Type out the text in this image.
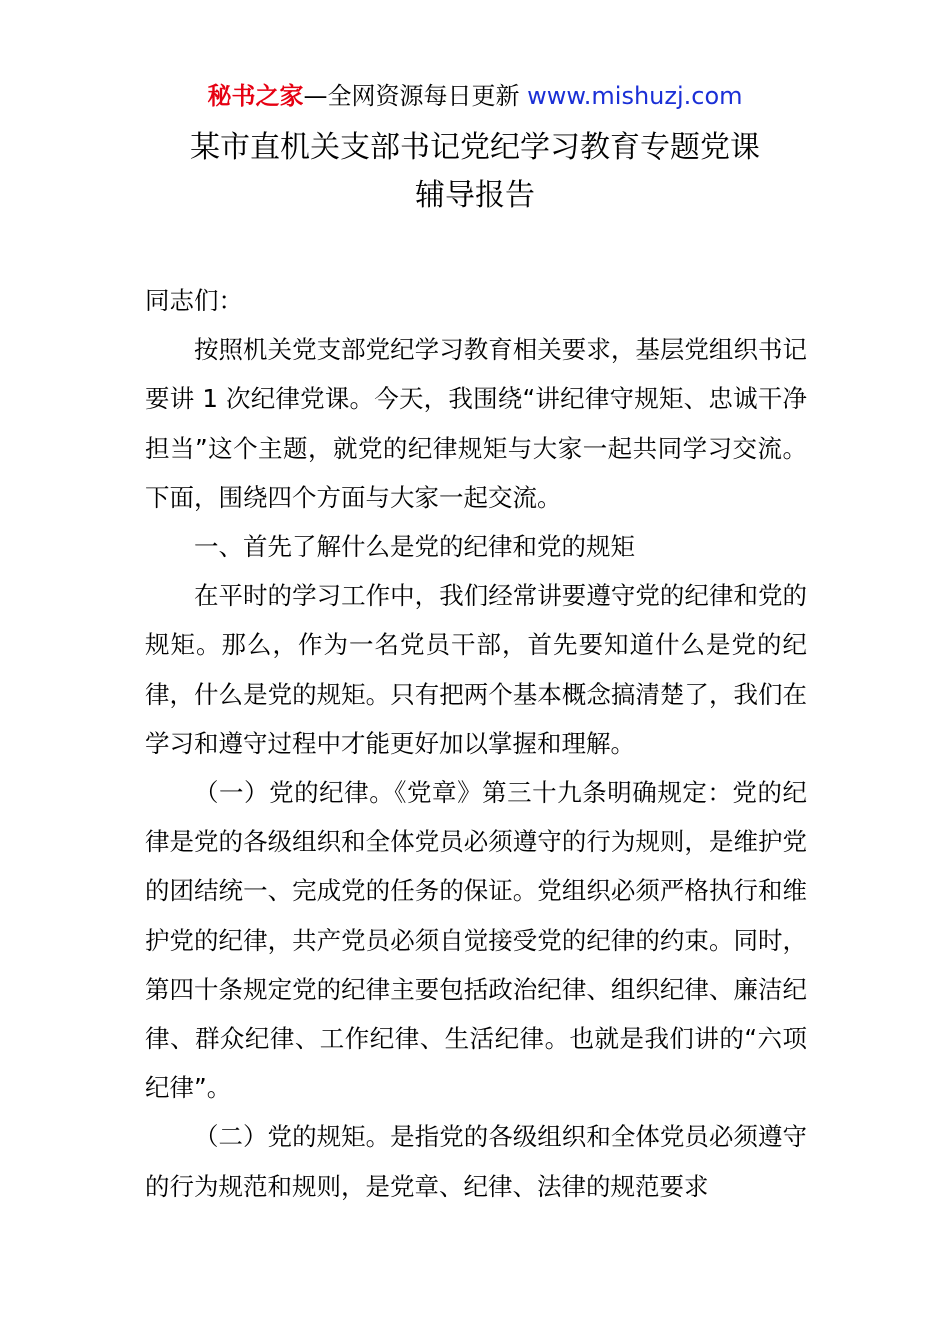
秘书之家—全网资源每日更新 www.mishuzj.com
某市直机关支部书记党纪学习教育专题党课
辅导报告

同志们：

按照机关党支部党纪学习教育相关要求，基层党组织书记要讲 1 次纪律党课。今天，我围绕“讲纪律守规矩、忠诚干净担当”这个主题，就党的纪律规矩与大家一起共同学习交流。下面，围绕四个方面与大家一起交流。

一、首先了解什么是党的纪律和党的规矩

在平时的学习工作中，我们经常讲要遵守党的纪律和党的规矩。那么，作为一名党员干部，首先要知道什么是党的纪律，什么是党的规矩。只有把两个基本概念搞清楚了，我们在学习和遵守过程中才能更好加以掌握和理解。

（一）党的纪律。《党章》第三十九条明确规定：党的纪律是党的各级组织和全体党员必须遵守的行为规则，是维护党的团结统一、完成党的任务的保证。党组织必须严格执行和维护党的纪律，共产党员必须自觉接受党的纪律的约束。同时，第四十条规定党的纪律主要包括政治纪律、组织纪律、廉洁纪律、群众纪律、工作纪律、生活纪律。也就是我们讲的“六项纪律”。

（二）党的规矩。是指党的各级组织和全体党员必须遵守的行为规范和规则，是党章、纪律、法律的规范要求
